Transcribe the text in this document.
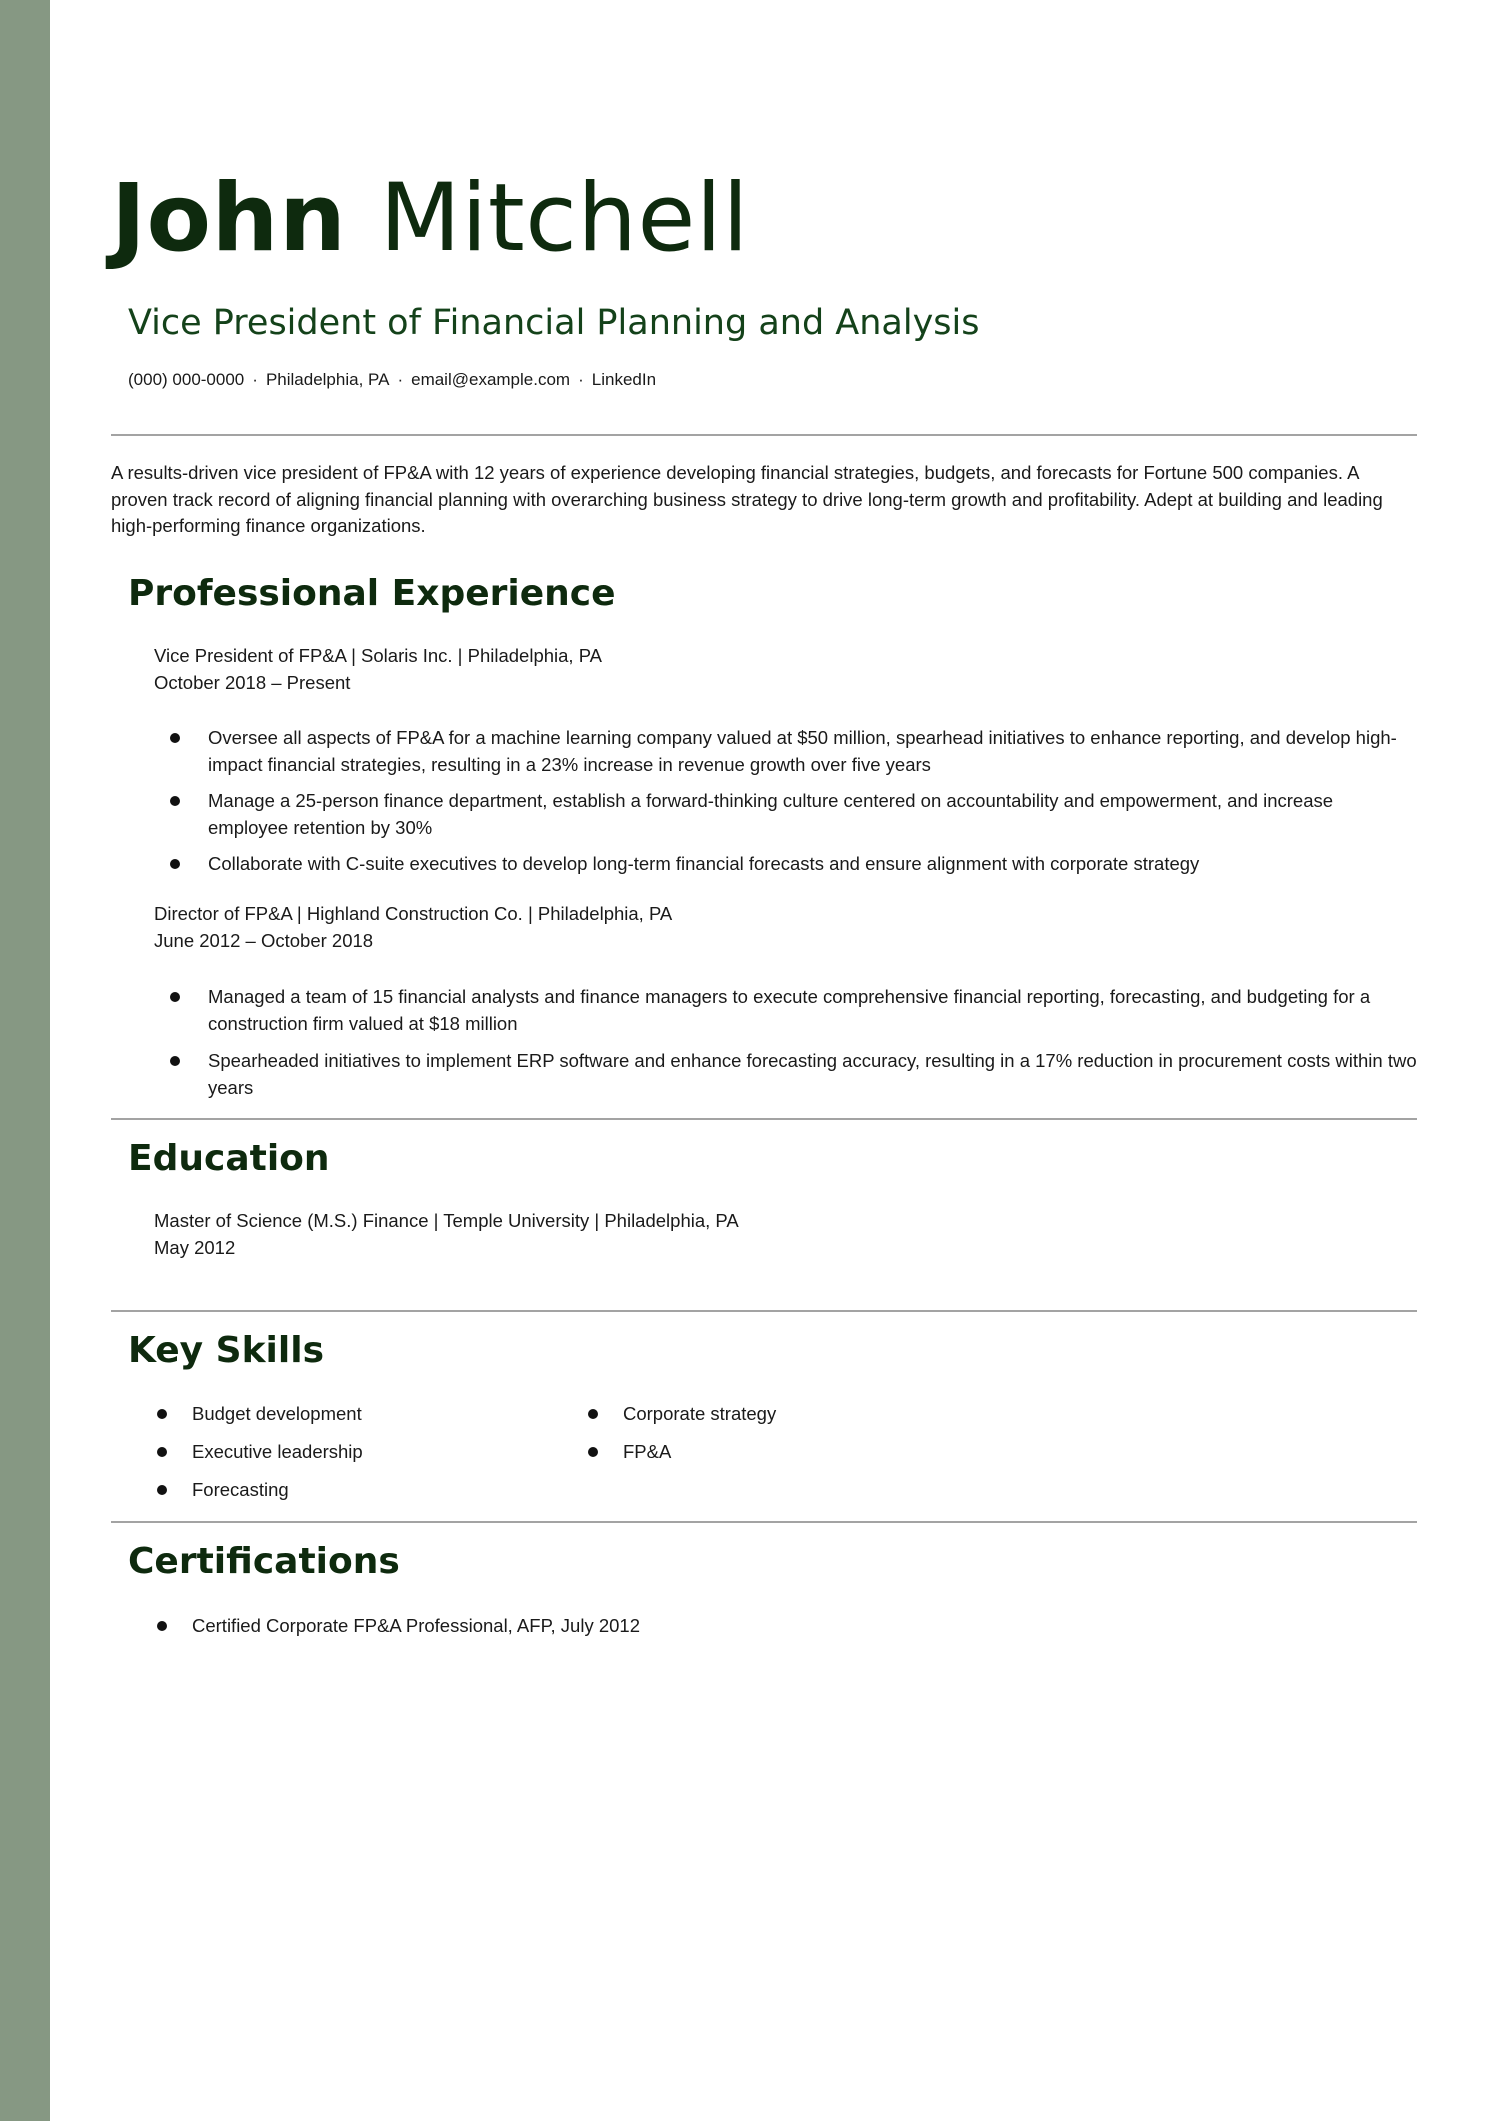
John Mitchell
Vice President of Financial Planning and Analysis
(000) 000-0000 · Philadelphia, PA · email@example.com · LinkedIn

A results-driven vice president of FP&A with 12 years of experience developing financial strategies, budgets, and forecasts for Fortune 500 companies. A proven track record of aligning financial planning with overarching business strategy to drive long-term growth and profitability. Adept at building and leading high-performing finance organizations.

Professional Experience
Vice President of FP&A | Solaris Inc. | Philadelphia, PA
October 2018 – Present
Oversee all aspects of FP&A for a machine learning company valued at $50 million, spearhead initiatives to enhance reporting, and develop high-impact financial strategies, resulting in a 23% increase in revenue growth over five years
Manage a 25-person finance department, establish a forward-thinking culture centered on accountability and empowerment, and increase employee retention by 30%
Collaborate with C-suite executives to develop long-term financial forecasts and ensure alignment with corporate strategy
Director of FP&A | Highland Construction Co. | Philadelphia, PA
June 2012 – October 2018
Managed a team of 15 financial analysts and finance managers to execute comprehensive financial reporting, forecasting, and budgeting for a construction firm valued at $18 million
Spearheaded initiatives to implement ERP software and enhance forecasting accuracy, resulting in a 17% reduction in procurement costs within two years
Education
Master of Science (M.S.) Finance | Temple University | Philadelphia, PA
May 2012
Key Skills
Budget development
Executive leadership
Forecasting
Corporate strategy
FP&A
Certifications
Certified Corporate FP&A Professional, AFP, July 2012
